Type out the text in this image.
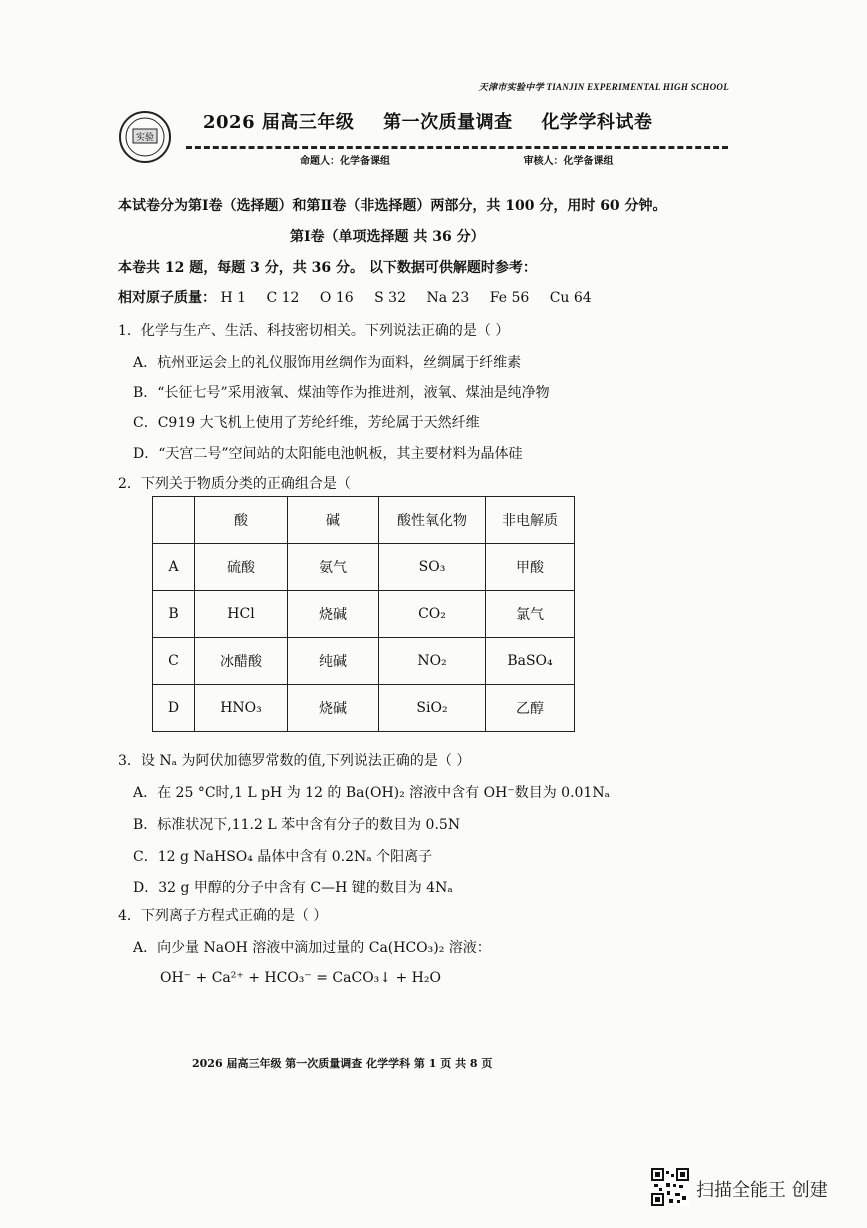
天津市实验中学 TIANJIN EXPERIMENTAL HIGH SCHOOL
实验
2026 届高三年级 第一次质量调查 化学学科试卷
命题人：化学备课组	审核人：化学备课组
本试卷分为第Ⅰ卷（选择题）和第Ⅱ卷（非选择题）两部分，共 100 分，用时 60 分钟。
第Ⅰ卷（单项选择题 共 36 分）
本卷共 12 题，每题 3 分，共 36 分。 以下数据可供解题时参考：
相对原子质量： H 1 C 12 O 16 S 32 Na 23 Fe 56 Cu 64
1．化学与生产、生活、科技密切相关。下列说法正确的是（ ）
A．杭州亚运会上的礼仪服饰用丝绸作为面料，丝绸属于纤维素
B．“长征七号”采用液氧、煤油等作为推进剂，液氧、煤油是纯净物
C．C919 大飞机上使用了芳纶纤维，芳纶属于天然纤维
D．“天宫二号”空间站的太阳能电池帆板，其主要材料为晶体硅
2．下列关于物质分类的正确组合是（
	酸	碱	酸性氧化物	非电解质
A	硫酸	氨气	SO₃	甲酸
B	HCl	烧碱	CO₂	氯气
C	冰醋酸	纯碱	NO₂	BaSO₄
D	HNO₃	烧碱	SiO₂	乙醇
3．设 Nₐ 为阿伏加德罗常数的值,下列说法正确的是（ ）
A．在 25 °C时,1 L pH 为 12 的 Ba(OH)₂ 溶液中含有 OH⁻数目为 0.01Nₐ
B．标准状况下,11.2 L 苯中含有分子的数目为 0.5N
C．12 g NaHSO₄ 晶体中含有 0.2Nₐ 个阳离子
D．32 g 甲醇的分子中含有 C—H 键的数目为 4Nₐ
4．下列离子方程式正确的是（ ）
A．向少量 NaOH 溶液中滴加过量的 Ca(HCO₃)₂ 溶液：
OH⁻ + Ca²⁺ + HCO₃⁻ = CaCO₃↓ + H₂O
2026 届高三年级 第一次质量调查 化学学科 第 1 页 共 8 页
扫描全能王 创建
